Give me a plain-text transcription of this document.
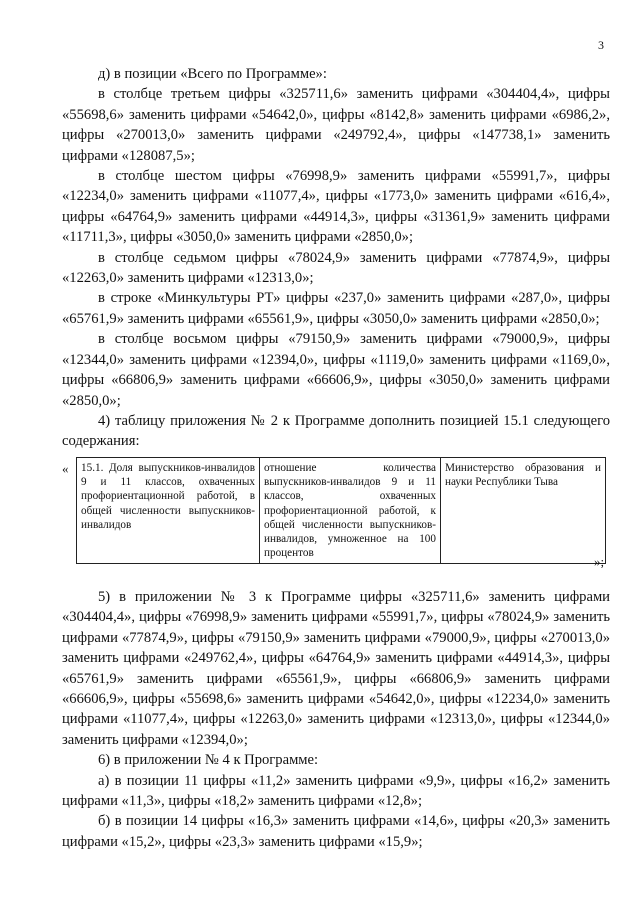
3

д) в позиции «Всего по Программе»:

в столбце третьем цифры «325711,6» заменить цифрами «304404,4», цифры «55698,6» заменить цифрами «54642,0», цифры «8142,8» заменить цифрами «6986,2», цифры «270013,0» заменить цифрами «249792,4», цифры «147738,1» заменить цифрами «128087,5»;

в столбце шестом цифры «76998,9» заменить цифрами «55991,7», цифры «12234,0» заменить цифрами «11077,4», цифры «1773,0» заменить цифрами «616,4», цифры «64764,9» заменить цифрами «44914,3», цифры «31361,9» заменить цифрами «11711,3», цифры «3050,0» заменить цифрами «2850,0»;

в столбце седьмом цифры «78024,9» заменить цифрами «77874,9», цифры «12263,0» заменить цифрами «12313,0»;

в строке «Минкультуры РТ» цифры «237,0» заменить цифрами «287,0», цифры «65761,9» заменить цифрами «65561,9», цифры «3050,0» заменить цифрами «2850,0»;

в столбце восьмом цифры «79150,9» заменить цифрами «79000,9», цифры «12344,0» заменить цифрами «12394,0», цифры «1119,0» заменить цифрами «1169,0», цифры «66806,9» заменить цифрами «66606,9», цифры «3050,0» заменить цифрами «2850,0»;

4) таблицу приложения № 2 к Программе дополнить позицией 15.1 следующего содержания:

« 15.1. Доля выпускников-инвалидов 9 и 11 классов, охваченных профориентационной работой, в общей численности выпускников-инвалидов	отношение количества выпускников-инвалидов 9 и 11 классов, охваченных профориентационной работой, к общей численности выпускников-инвалидов, умноженное на 100 процентов	Министерство образования и науки Республики Тыва
»;

5) в приложении № 3 к Программе цифры «325711,6» заменить цифрами «304404,4», цифры «76998,9» заменить цифрами «55991,7», цифры «78024,9» заменить цифрами «77874,9», цифры «79150,9» заменить цифрами «79000,9», цифры «270013,0» заменить цифрами «249762,4», цифры «64764,9» заменить цифрами «44914,3», цифры «65761,9» заменить цифрами «65561,9», цифры «66806,9» заменить цифрами «66606,9», цифры «55698,6» заменить цифрами «54642,0», цифры «12234,0» заменить цифрами «11077,4», цифры «12263,0» заменить цифрами «12313,0», цифры «12344,0» заменить цифрами «12394,0»;

6) в приложении № 4 к Программе:

а) в позиции 11 цифры «11,2» заменить цифрами «9,9», цифры «16,2» заменить цифрами «11,3», цифры «18,2» заменить цифрами «12,8»;

б) в позиции 14 цифры «16,3» заменить цифрами «14,6», цифры «20,3» заменить цифрами «15,2», цифры «23,3» заменить цифрами «15,9»;
